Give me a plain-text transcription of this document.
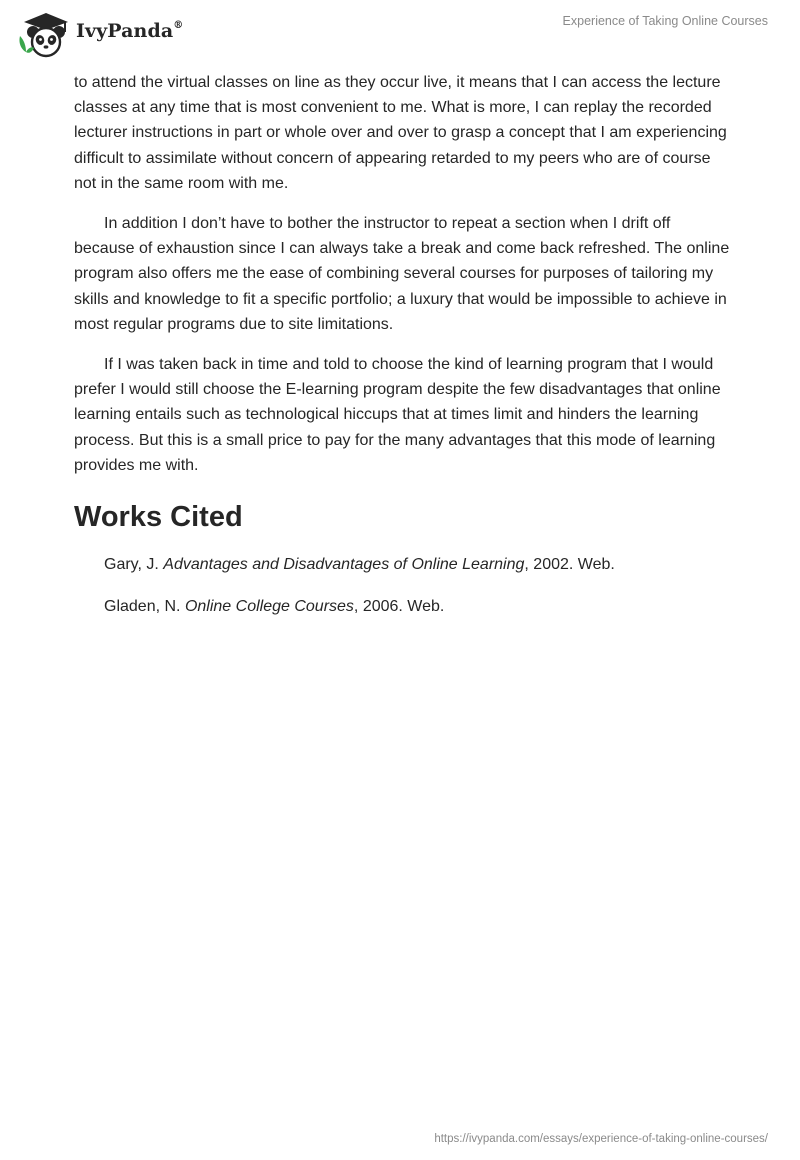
IvyPanda®	Experience of Taking Online Courses

to attend the virtual classes on line as they occur live, it means that I can access the lecture classes at any time that is most convenient to me. What is more, I can replay the recorded lecturer instructions in part or whole over and over to grasp a concept that I am experiencing difficult to assimilate without concern of appearing retarded to my peers who are of course not in the same room with me.

In addition I don’t have to bother the instructor to repeat a section when I drift off because of exhaustion since I can always take a break and come back refreshed. The online program also offers me the ease of combining several courses for purposes of tailoring my skills and knowledge to fit a specific portfolio; a luxury that would be impossible to achieve in most regular programs due to site limitations.

If I was taken back in time and told to choose the kind of learning program that I would prefer I would still choose the E-learning program despite the few disadvantages that online learning entails such as technological hiccups that at times limit and hinders the learning process. But this is a small price to pay for the many advantages that this mode of learning provides me with.

Works Cited

Gary, J. Advantages and Disadvantages of Online Learning, 2002. Web.

Gladen, N. Online College Courses, 2006. Web.

https://ivypanda.com/essays/experience-of-taking-online-courses/
